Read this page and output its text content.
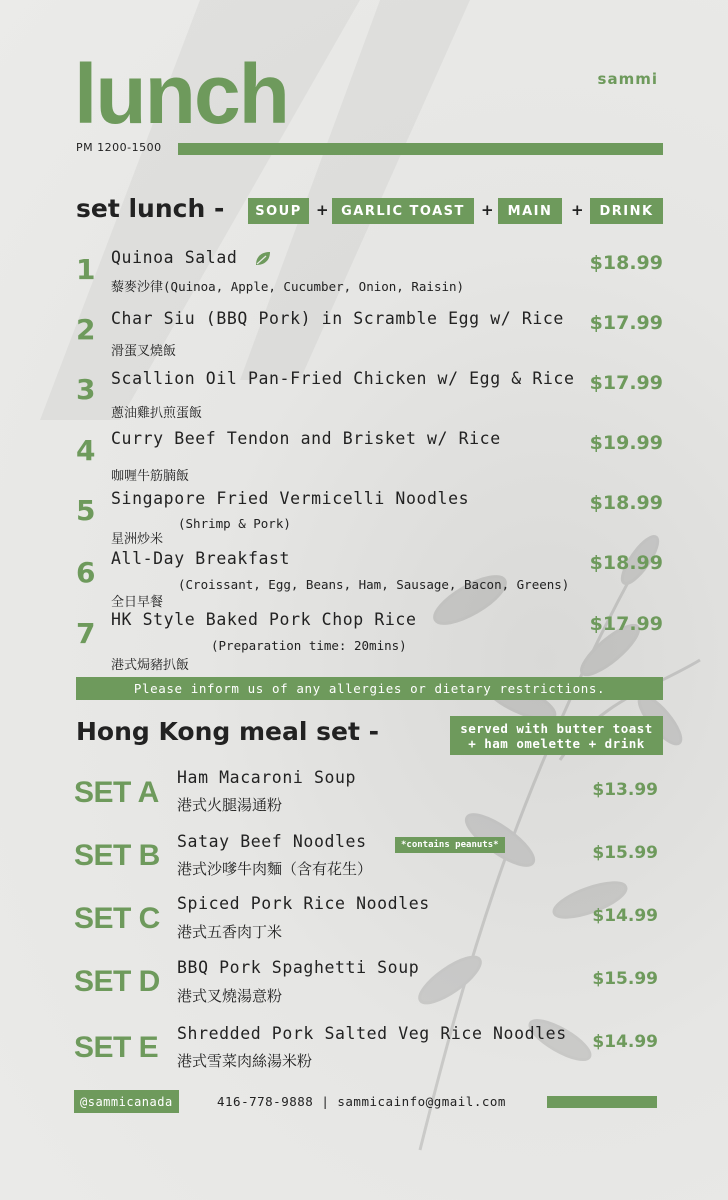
sammi
lunch
PM 1200-1500
set lunch -	SOUP + GARLIC TOAST	+	MAIN	+	DRINK
1 Quinoa Salad
藜麥沙律(Quinoa, Apple, Cucumber, Onion, Raisin)
$18.99
2 Char Siu (BBQ Pork) in Scramble Egg w/ Rice
滑蛋叉燒飯
$17.99
3 Scallion Oil Pan-Fried Chicken w/ Egg & Rice
蔥油雞扒煎蛋飯
$17.99
4 Curry Beef Tendon and Brisket w/ Rice
咖喱牛筋腩飯
$19.99
5 Singapore Fried Vermicelli Noodles
星洲炒米
(Shrimp & Pork)
$18.99
6 All-Day Breakfast
全日早餐
(Croissant, Egg, Beans, Ham, Sausage, Bacon, Greens)
$18.99
7 HK Style Baked Pork Chop Rice
港式焗豬扒飯
(Preparation time: 20mins)
$17.99
Please inform us of any allergies or dietary restrictions.
Hong Kong meal set -	served with butter toast
+ ham omelette + drink
SET A Ham Macaroni Soup
港式火腿湯通粉
$13.99
SET B Satay Beef Noodles	*contains peanuts*
港式沙嗲牛肉麵（含有花生）
$15.99
SET C Spiced Pork Rice Noodles
港式五香肉丁米
$14.99
SET D BBQ Pork Spaghetti Soup
港式叉燒湯意粉
$15.99
SET E Shredded Pork Salted Veg Rice Noodles
港式雪菜肉絲湯米粉
$14.99
@sammicanada	416-778-9888 | sammicainfo@gmail.com
